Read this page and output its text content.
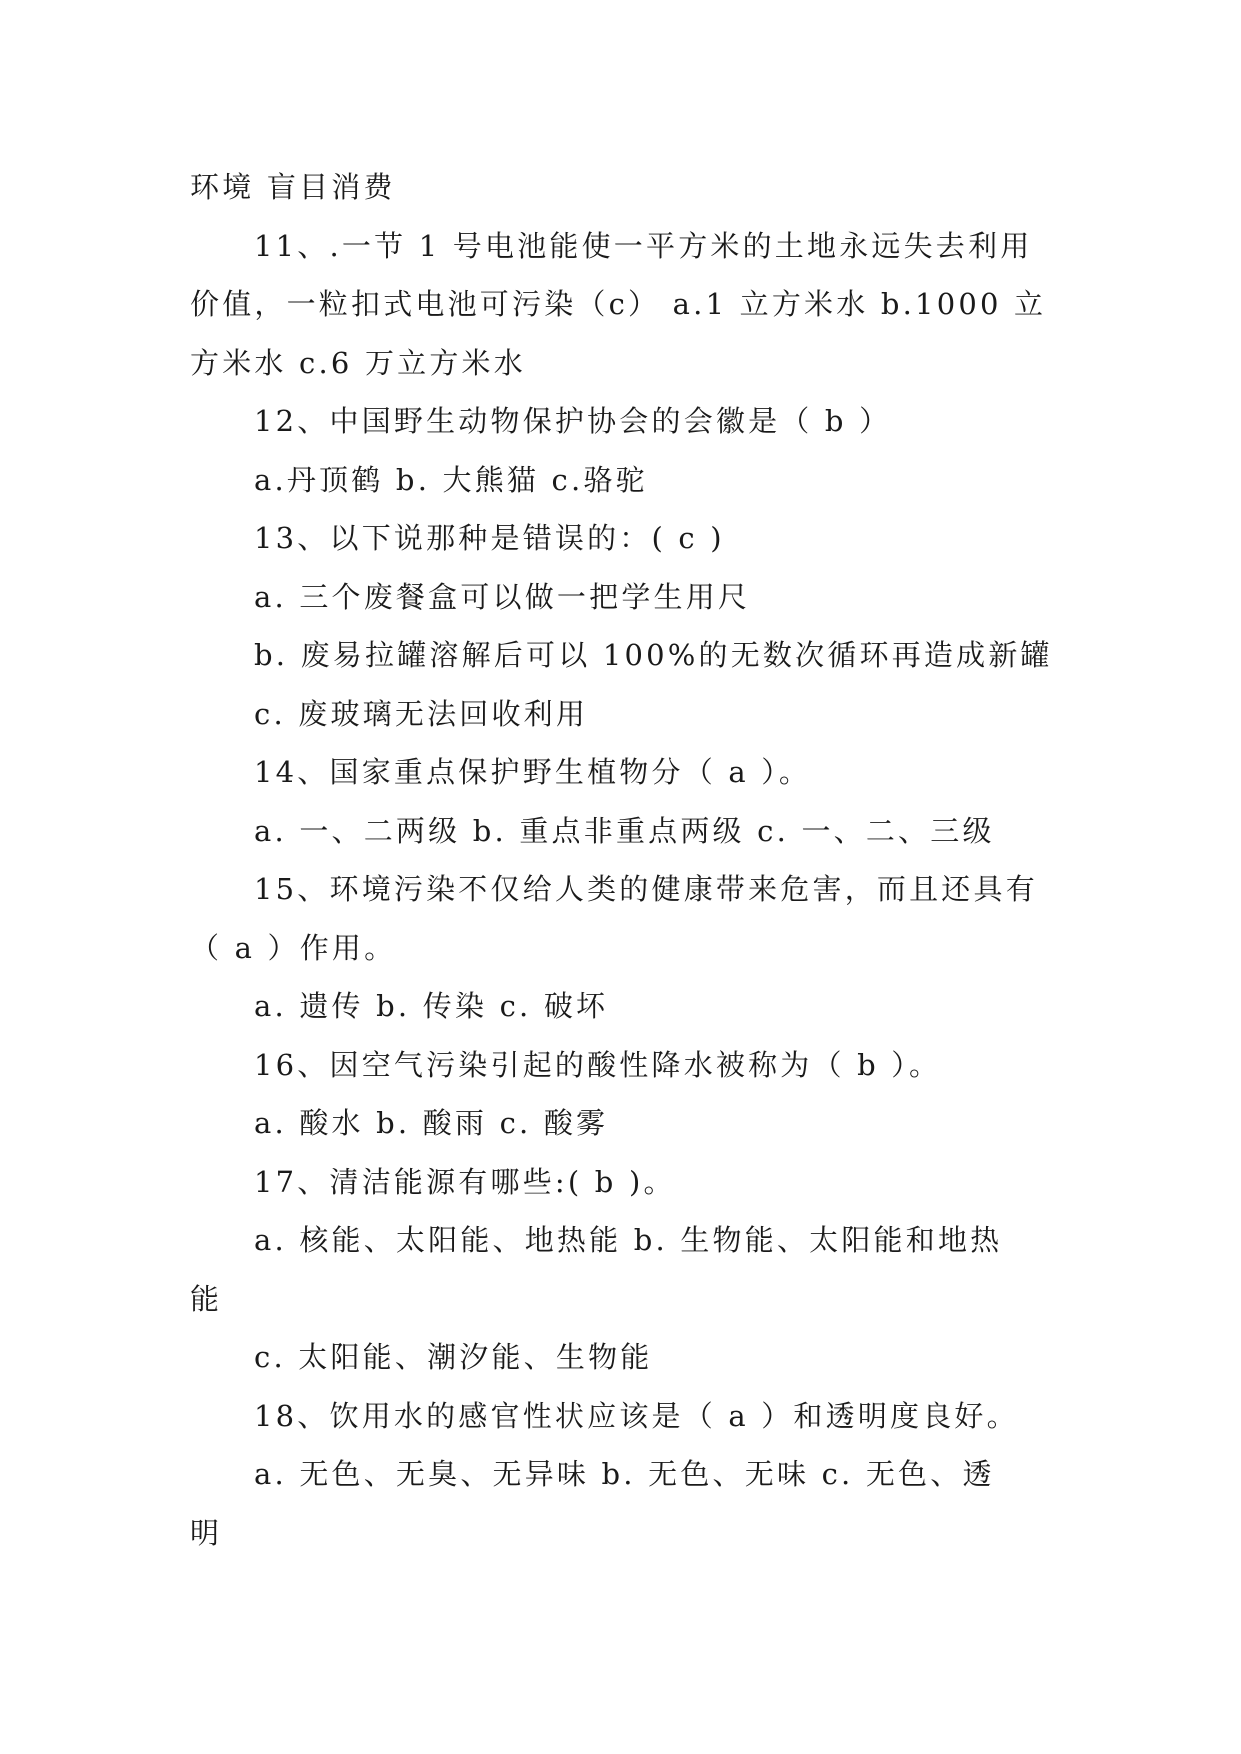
环境 盲目消费
11、.一节 1 号电池能使一平方米的土地永远失去利用
价值，一粒扣式电池可污染（c） a.1 立方米水 b.1000 立
方米水 c.6 万立方米水
12、中国野生动物保护协会的会徽是（ b ）
a.丹顶鹤 b. 大熊猫 c.骆驼
13、以下说那种是错误的：( c )
a. 三个废餐盒可以做一把学生用尺
b. 废易拉罐溶解后可以 100%的无数次循环再造成新罐
c. 废玻璃无法回收利用
14、国家重点保护野生植物分（ a ）。
a. 一、二两级 b. 重点非重点两级 c. 一、二、三级
15、环境污染不仅给人类的健康带来危害，而且还具有
（ a ）作用。
a. 遗传 b. 传染 c. 破坏
16、因空气污染引起的酸性降水被称为（ b ）。
a. 酸水 b. 酸雨 c. 酸雾
17、清洁能源有哪些:( b )。
a. 核能、太阳能、地热能 b. 生物能、太阳能和地热
能
c. 太阳能、潮汐能、生物能
18、饮用水的感官性状应该是（ a ）和透明度良好。
a. 无色、无臭、无异味 b. 无色、无味 c. 无色、透
明
